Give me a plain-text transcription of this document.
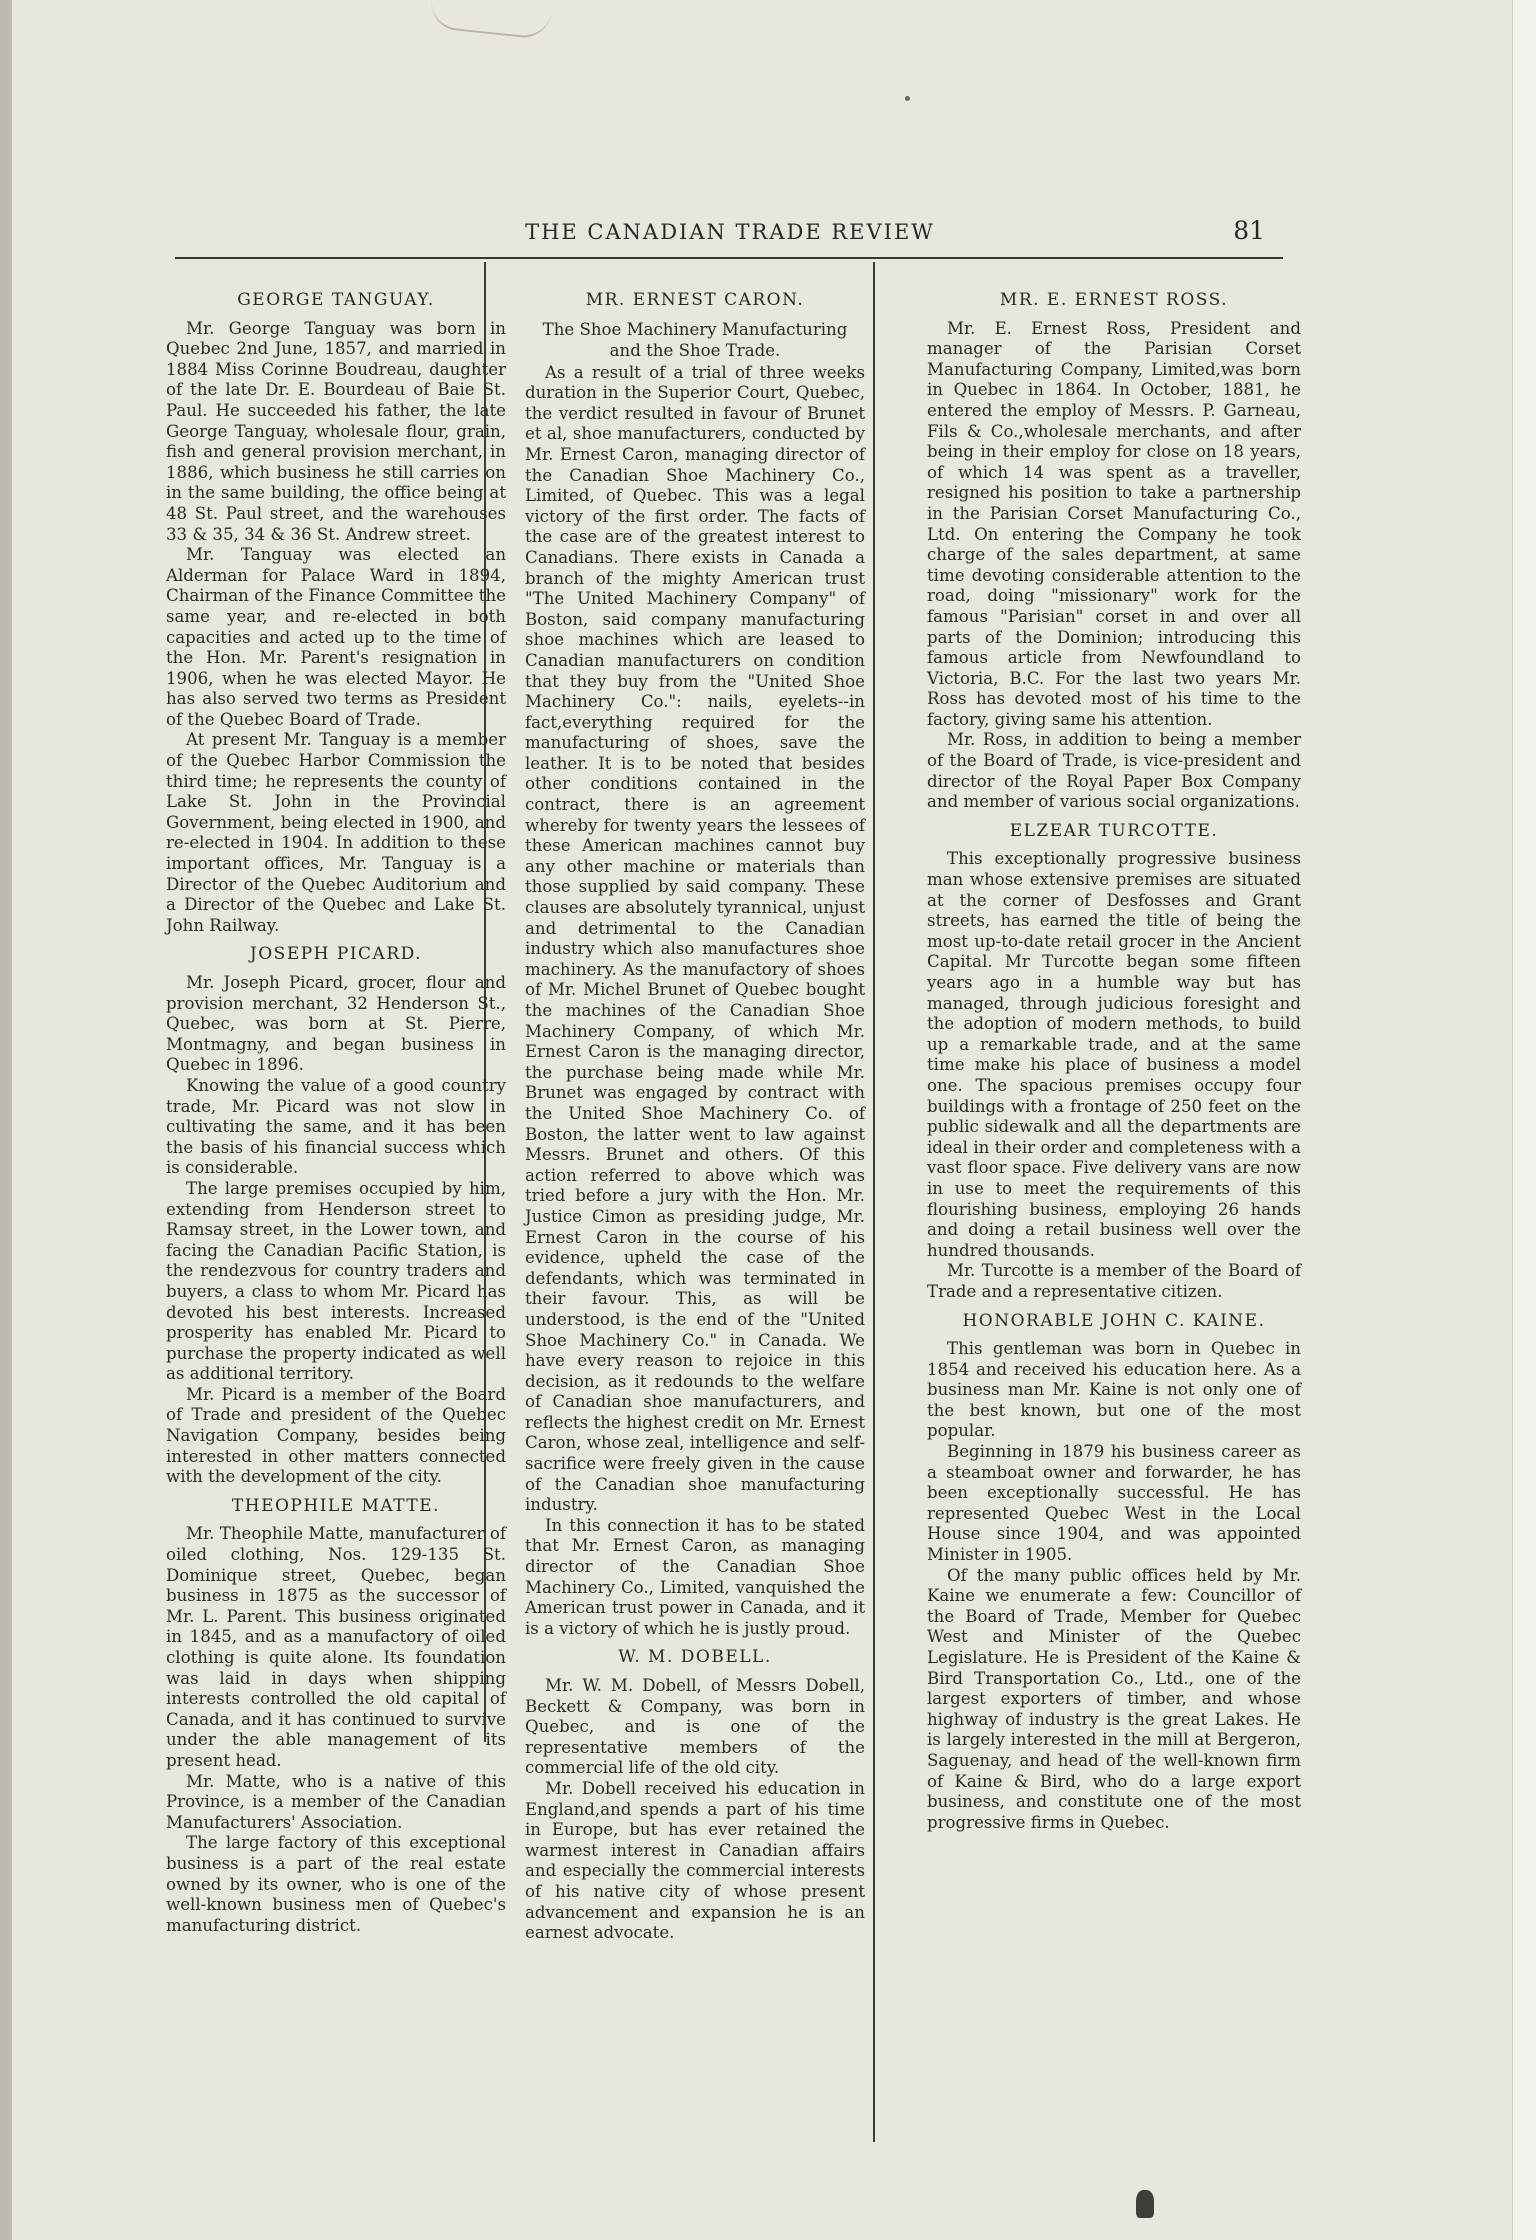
THE CANADIAN TRADE REVIEW	81
GEORGE TANGUAY.

Mr. George Tanguay was born in Quebec 2nd June, 1857, and married in 1884 Miss Corinne Boudreau, daughter of the late Dr. E. Bourdeau of Baie St. Paul. He succeeded his father, the late George Tanguay, wholesale flour, grain, fish and general provision merchant, in 1886, which business he still carries on in the same building, the office being at 48 St. Paul street, and the warehouses 33 & 35, 34 & 36 St. Andrew street.

Mr. Tanguay was elected an Alderman for Palace Ward in 1894, Chairman of the Finance Committee the same year, and re-elected in both capacities and acted up to the time of the Hon. Mr. Parent's resignation in 1906, when he was elected Mayor. He has also served two terms as President of the Quebec Board of Trade.

At present Mr. Tanguay is a member of the Quebec Harbor Commission the third time; he represents the county of Lake St. John in the Provincial Government, being elected in 1900, and re-elected in 1904. In addition to these important offices, Mr. Tanguay is a Director of the Quebec Auditorium and a Director of the Quebec and Lake St. John Railway.

JOSEPH PICARD.

Mr. Joseph Picard, grocer, flour and provision merchant, 32 Henderson St., Quebec, was born at St. Pierre, Montmagny, and began business in Quebec in 1896.

Knowing the value of a good country trade, Mr. Picard was not slow in cultivating the same, and it has been the basis of his financial success which is considerable.

The large premises occupied by him, extending from Henderson street to Ramsay street, in the Lower town, and facing the Canadian Pacific Station, is the rendezvous for country traders and buyers, a class to whom Mr. Picard has devoted his best interests. Increased prosperity has enabled Mr. Picard to purchase the property indicated as well as additional territory.

Mr. Picard is a member of the Board of Trade and president of the Quebec Navigation Company, besides being interested in other matters connected with the development of the city.

THEOPHILE MATTE.

Mr. Theophile Matte, manufacturer of oiled clothing, Nos. 129-135 St. Dominique street, Quebec, began business in 1875 as the successor of Mr. L. Parent. This business originated in 1845, and as a manufactory of oiled clothing is quite alone. Its foundation was laid in days when shipping interests controlled the old capital of Canada, and it has continued to survive under the able management of its present head.

Mr. Matte, who is a native of this Province, is a member of the Canadian Manufacturers' Association.

The large factory of this exceptional business is a part of the real estate owned by its owner, who is one of the well-known business men of Quebec's manufacturing district.

MR. ERNEST CARON.
The Shoe Machinery Manufacturing and the Shoe Trade.

As a result of a trial of three weeks duration in the Superior Court, Quebec, the verdict resulted in favour of Brunet et al, shoe manufacturers, conducted by Mr. Ernest Caron, managing director of the Canadian Shoe Machinery Co., Limited, of Quebec. This was a legal victory of the first order. The facts of the case are of the greatest interest to Canadians. There exists in Canada a branch of the mighty American trust "The United Machinery Company" of Boston, said company manufacturing shoe machines which are leased to Canadian manufacturers on condition that they buy from the "United Shoe Machinery Co.": nails, eyelets--in fact,everything required for the manufacturing of shoes, save the leather. It is to be noted that besides other conditions contained in the contract, there is an agreement whereby for twenty years the lessees of these American machines cannot buy any other machine or materials than those supplied by said company. These clauses are absolutely tyrannical, unjust and detrimental to the Canadian industry which also manufactures shoe machinery. As the manufactory of shoes of Mr. Michel Brunet of Quebec bought the machines of the Canadian Shoe Machinery Company, of which Mr. Ernest Caron is the managing director, the purchase being made while Mr. Brunet was engaged by contract with the United Shoe Machinery Co. of Boston, the latter went to law against Messrs. Brunet and others. Of this action referred to above which was tried before a jury with the Hon. Mr. Justice Cimon as presiding judge, Mr. Ernest Caron in the course of his evidence, upheld the case of the defendants, which was terminated in their favour. This, as will be understood, is the end of the "United Shoe Machinery Co." in Canada. We have every reason to rejoice in this decision, as it redounds to the welfare of Canadian shoe manufacturers, and reflects the highest credit on Mr. Ernest Caron, whose zeal, intelligence and self-sacrifice were freely given in the cause of the Canadian shoe manufacturing industry.

In this connection it has to be stated that Mr. Ernest Caron, as managing director of the Canadian Shoe Machinery Co., Limited, vanquished the American trust power in Canada, and it is a victory of which he is justly proud.

W. M. DOBELL.

Mr. W. M. Dobell, of Messrs Dobell, Beckett & Company, was born in Quebec, and is one of the representative members of the commercial life of the old city.

Mr. Dobell received his education in England,and spends a part of his time in Europe, but has ever retained the warmest interest in Canadian affairs and especially the commercial interests of his native city of whose present advancement and expansion he is an earnest advocate.

MR. E. ERNEST ROSS.

Mr. E. Ernest Ross, President and manager of the Parisian Corset Manufacturing Company, Limited,was born in Quebec in 1864. In October, 1881, he entered the employ of Messrs. P. Garneau, Fils & Co.,wholesale merchants, and after being in their employ for close on 18 years, of which 14 was spent as a traveller, resigned his position to take a partnership in the Parisian Corset Manufacturing Co., Ltd. On entering the Company he took charge of the sales department, at same time devoting considerable attention to the road, doing "missionary" work for the famous "Parisian" corset in and over all parts of the Dominion; introducing this famous article from Newfoundland to Victoria, B.C. For the last two years Mr. Ross has devoted most of his time to the factory, giving same his attention.

Mr. Ross, in addition to being a member of the Board of Trade, is vice-president and director of the Royal Paper Box Company and member of various social organizations.

ELZEAR TURCOTTE.

This exceptionally progressive business man whose extensive premises are situated at the corner of Desfosses and Grant streets, has earned the title of being the most up-to-date retail grocer in the Ancient Capital. Mr Turcotte began some fifteen years ago in a humble way but has managed, through judicious foresight and the adoption of modern methods, to build up a remarkable trade, and at the same time make his place of business a model one. The spacious premises occupy four buildings with a frontage of 250 feet on the public sidewalk and all the departments are ideal in their order and completeness with a vast floor space. Five delivery vans are now in use to meet the requirements of this flourishing business, employing 26 hands and doing a retail business well over the hundred thousands.

Mr. Turcotte is a member of the Board of Trade and a representative citizen.

HONORABLE JOHN C. KAINE.

This gentleman was born in Quebec in 1854 and received his education here. As a business man Mr. Kaine is not only one of the best known, but one of the most popular.

Beginning in 1879 his business career as a steamboat owner and forwarder, he has been exceptionally successful. He has represented Quebec West in the Local House since 1904, and was appointed Minister in 1905.

Of the many public offices held by Mr. Kaine we enumerate a few: Councillor of the Board of Trade, Member for Quebec West and Minister of the Quebec Legislature. He is President of the Kaine & Bird Transportation Co., Ltd., one of the largest exporters of timber, and whose highway of industry is the great Lakes. He is largely interested in the mill at Bergeron, Saguenay, and head of the well-known firm of Kaine & Bird, who do a large export business, and constitute one of the most progressive firms in Quebec.
